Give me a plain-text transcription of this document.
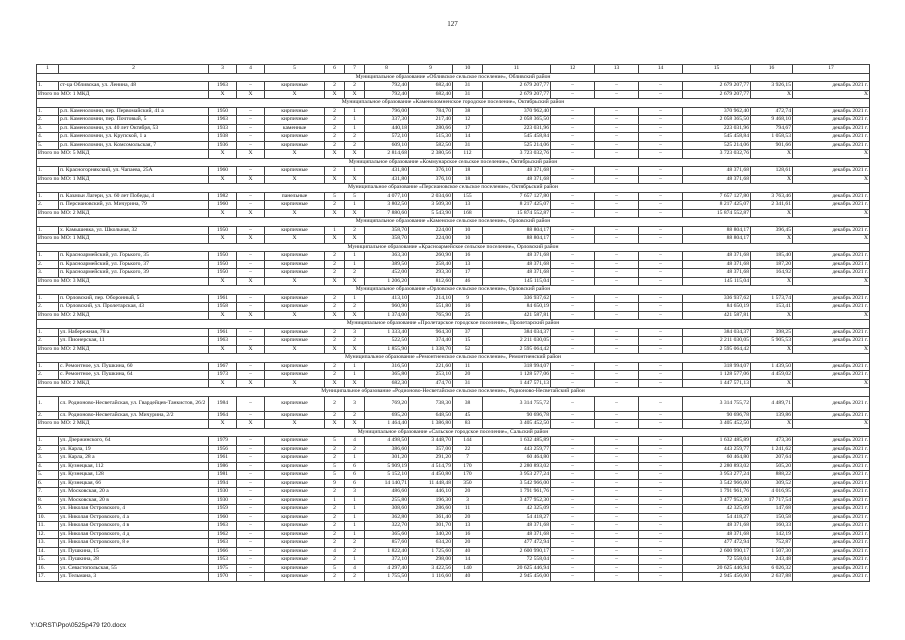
127
1	2	3	4	5	6	7	8	9	10	11	12	13	14	15	16	17
Муниципальное образование «Обливское сельское поселение», Обливский район																
1.	ст-ца Обливская, ул. Ленина, 48	1963	–	кирпичные	2	2	792,40	682,40	31	2 679 207,77	–	–	–	2 679 207,77	3 926,15	декабрь 2021 г.
Итого по МО: 1 МКД		X	X	X	X	X	792,40	682,40	31	2 679 207,77	–	–	–	2 679 207,77	X	X
Муниципальное образование «Каменоломненское городское поселение», Октябрьский район																
1.	р.п. Каменоломни, пер. Первомайский, 41 а	1950	–	кирпичные	2	1	796,00	784,70	38	370 962,40	–	–	–	370 962,40	472,74	декабрь 2021 г.
2.	р.п. Каменоломни, пер. Почтовый, 5	1963	–	кирпичные	2	1	337,30	217,40	12	2 058 365,50	–	–	–	2 058 365,50	9 468,10	декабрь 2021 г.
3.	р.п. Каменоломни, ул. 40 лет Октября, 53	1933	–	каменные	2	1	440,18	280,66	17	223 031,96	–	–	–	223 031,96	794,67	декабрь 2021 г.
4.	р.п. Каменоломни, ул. Крупской, 1 а	1938	–	кирпичные	2	2	572,10	515,30	14	545 458,84	–	–	–	545 458,84	1 058,53	декабрь 2021 г.
5.	р.п. Каменоломни, ул. Комсомольская, 7	1936	–	кирпичные	2	2	609,10	582,50	31	525 214,06	–	–	–	525 214,06	901,66	декабрь 2021 г.
Итого по МО: 5 МКД		X	X	X	X	X	2 814,68	2 380,56	112	3 723 032,76	–	–	–	3 723 032,76	X	X
Муниципальное образование «Коммунарское сельское поселение», Октябрьский район																
1.	п. Красногорнякский, ул. Чапаева, 25А	1960	–	кирпичные	2	1	431,80	376,10	18	48 371,68	–	–	–	48 371,68	128,61	декабрь 2021 г.
Итого по МО: 1 МКД		X	X	X	X	X	431,80	376,10	18	48 371,68	–	–	–	48 371,68	X	X
Муниципальное образование «Персиановское сельское поселение», Октябрьский район																
1.	п. Казачьи Лагери, ул. 60 лет Победы, 4	1982	–	панельные	5	5	4 077,10	2 034,60	155	7 657 127,80	–	–	–	7 657 127,80	3 763,46	декабрь 2021 г.
2.	п. Персиановский, ул. Мичурина, 79	1960	–	кирпичные	2	1	3 802,50	3 509,30	13	8 217 425,07	–	–	–	8 217 425,07	2 341,61	декабрь 2021 г.
Итого по МО: 2 МКД		X	X	X	X	X	7 880,60	5 543,90	168	15 874 552,87	–	–	–	15 874 552,87	X	X
Муниципальное образование «Каменское сельское поселение», Орловский район																
1.	х. Камышевка, ул. Школьная, 32	1950	–	кирпичные	1	2	358,70	224,00	10	88 804,17	–	–	–	88 804,17	396,45	декабрь 2021 г.
Итого по МО: 1 МКД		X	X	X	X	X	358,70	224,00	10	88 804,17	–	–	–	88 804,17	X	X
Муниципальное образование «Красноармейское сельское поселение», Орловский район																
1.	п. Красноармейский, ул. Горького, 35	1950	–	кирпичные	2	1	363,30	260,90	16	48 371,68	–	–	–	48 371,68	185,40	декабрь 2021 г.
2.	п. Красноармейский, ул. Горького, 37	1950	–	кирпичные	2	1	389,50	258,40	13	48 371,68	–	–	–	48 371,68	187,20	декабрь 2021 г.
3.	п. Красноармейский, ул. Горького, 39	1950	–	кирпичные	2	2	452,00	293,30	17	48 371,68	–	–	–	48 371,68	164,92	декабрь 2021 г.
Итого по МО: 3 МКД		X	X	X	X	X	1 206,20	812,60	46	145 115,04	–	–	–	145 115,04	X	X
Муниципальное образование «Орловское сельское поселение», Орловский район																
1.	п. Орловский, пер. Оборонный, 5	1961	–	кирпичные	2	1	413,10	214,10	9	336 937,62	–	–	–	336 937,62	1 573,74	декабрь 2021 г.
2.	п. Орловский, ул. Пролетарская, 43	1958	–	кирпичные	2	2	960,90	551,80	16	84 650,19	–	–	–	84 650,19	153,41	декабрь 2021 г.
Итого по МО: 2 МКД		X	X	X	X	X	1 374,00	765,90	25	421 587,81	–	–	–	421 587,81	X	X
Муниципальное образование «Пролетарское городское поселение», Пролетарский район																
1.	ул. Набережная, 78 а	1961	–	кирпичные	2	3	1 333,40	964,30	37	384 034,37	–	–	–	384 034,37	398,25	декабрь 2021 г.
2.	ул. Пионерская, 11	1963	–	кирпичные	2	2	522,50	374,40	15	2 211 030,05	–	–	–	2 211 030,05	5 905,53	декабрь 2021 г.
Итого по МО: 2 МКД		X	X	X	X	X	1 855,90	1 338,70	52	2 595 064,42	–	–	–	2 595 064,42	X	X
Муниципальное образование «Ремонтненское сельское поселение», Ремонтненский район																
1.	с. Ремонтное, ул. Пушкина, 60	1967	–	кирпичные	2	1	316,50	221,60	11	318 994,07	–	–	–	318 994,07	1 439,50	декабрь 2021 г.
2.	с. Ремонтное, ул. Пушкина, 64	1973	–	кирпичные	2	1	365,80	253,10	20	1 128 577,06	–	–	–	1 128 577,06	4 459,02	декабрь 2021 г.
Итого по МО: 2 МКД		X	X	X	X	X	682,30	474,70	31	1 447 571,13	–	–	–	1 447 571,13	X	X
Муниципальное образование «Родионово-Несветайское сельское поселение», Родионово-Несветайский район																
1.	сл. Родионово-Несветайская, ул. Гвардейцев-Танкистов, 26/2	1984	–	кирпичные	2	3	769,20	738,30	38	3 314 755,72	–	–	–	3 314 755,72	4 489,71	декабрь 2021 г.
2.	сл. Родионово-Несветайская, ул. Мичурина, 2/2	1964	–	кирпичные	2	2	695,20	648,50	45	90 696,78	–	–	–	90 696,78	139,86	декабрь 2021 г.
Итого по МО: 2 МКД		X	X	X	X	X	1 464,40	1 386,80	83	3 405 452,50	–	–	–	3 405 452,50	X	X
Муниципальное образование «Сальское городское поселение», Сальский район																
1.	ул. Дзержинского, 64	1979	–	кирпичные	5	4	4 498,50	3 448,70	144	1 632 485,89	–	–	–	1 632 485,89	473,36	декабрь 2021 г.
2.	ул. Карла, 19	1956	–	кирпичные	2	2	386,60	357,00	22	443 259,77	–	–	–	443 259,77	1 241,62	декабрь 2021 г.
3.	ул. Карла, 28 а	1961	–	кирпичные	2	1	301,20	291,20	7	60 464,80	–	–	–	60 464,80	207,64	декабрь 2021 г.
4.	ул. Кузнецкая, 112	1986	–	кирпичные	5	6	5 909,19	4 514,79	170	2 280 893,02	–	–	–	2 280 893,02	505,20	декабрь 2021 г.
5.	ул. Кузнецкая, 128	1981	–	кирпичные	5	6	5 152,10	4 450,80	170	3 953 277,24	–	–	–	3 953 277,24	888,22	декабрь 2021 г.
6.	ул. Кузнецкая, 66	1994	–	кирпичные	9	6	14 140,71	11 448,48	350	3 542 966,00	–	–	–	3 542 966,00	309,52	декабрь 2021 г.
7.	ул. Московская, 20 а	1930	–	кирпичные	2	3	486,60	446,10	20	1 791 961,76	–	–	–	1 791 961,76	4 016,95	декабрь 2021 г.
8.	ул. Московская, 20 в	1930	–	кирпичные	1	1	255,80	196,30	3	3 477 952,30	–	–	–	3 477 952,30	17 717,54	декабрь 2021 г.
9.	ул. Николая Островского, 4	1959	–	кирпичные	2	1	308,60	286,60	11	42 325,09	–	–	–	42 325,09	147,68	декабрь 2021 г.
10.	ул. Николая Островского, 4 а	1960	–	кирпичные	2	1	362,80	361,40	20	54 418,27	–	–	–	54 418,27	150,58	декабрь 2021 г.
11.	ул. Николая Островского, 4 в	1963	–	кирпичные	2	1	322,70	301,70	13	48 371,68	–	–	–	48 371,68	160,33	декабрь 2021 г.
12.	ул. Николая Островского, 4 д	1962	–	кирпичные	2	1	365,60	340,20	16	48 371,68	–	–	–	48 371,68	142,19	декабрь 2021 г.
13.	ул. Николая Островского, 8 е	1963	–	кирпичные	2	2	857,60	634,20	20	477 472,94	–	–	–	477 472,94	752,87	декабрь 2021 г.
14.	ул. Пушкина, 15	1966	–	кирпичные	4	2	1 822,40	1 725,60	40	2 600 990,17	–	–	–	2 600 990,17	1 507,30	декабрь 2021 г.
15.	ул. Пушкина, 28	1953	–	кирпичные	2	1	372,10	298,00	14	72 558,04	–	–	–	72 558,04	243,48	декабрь 2021 г.
16.	ул. Севастопольская, 55	1975	–	кирпичные	5	4	4 297,40	3 422,56	140	20 625 446,94	–	–	–	20 625 446,94	6 026,32	декабрь 2021 г.
17.	ул. Тельмана, 3	1970	–	кирпичные	2	2	1 755,50	1 116,60	40	2 945 456,00	–	–	–	2 945 456,00	2 637,88	декабрь 2021 г.
Y:\ORST\Ppo\0525p479 f20.docx
